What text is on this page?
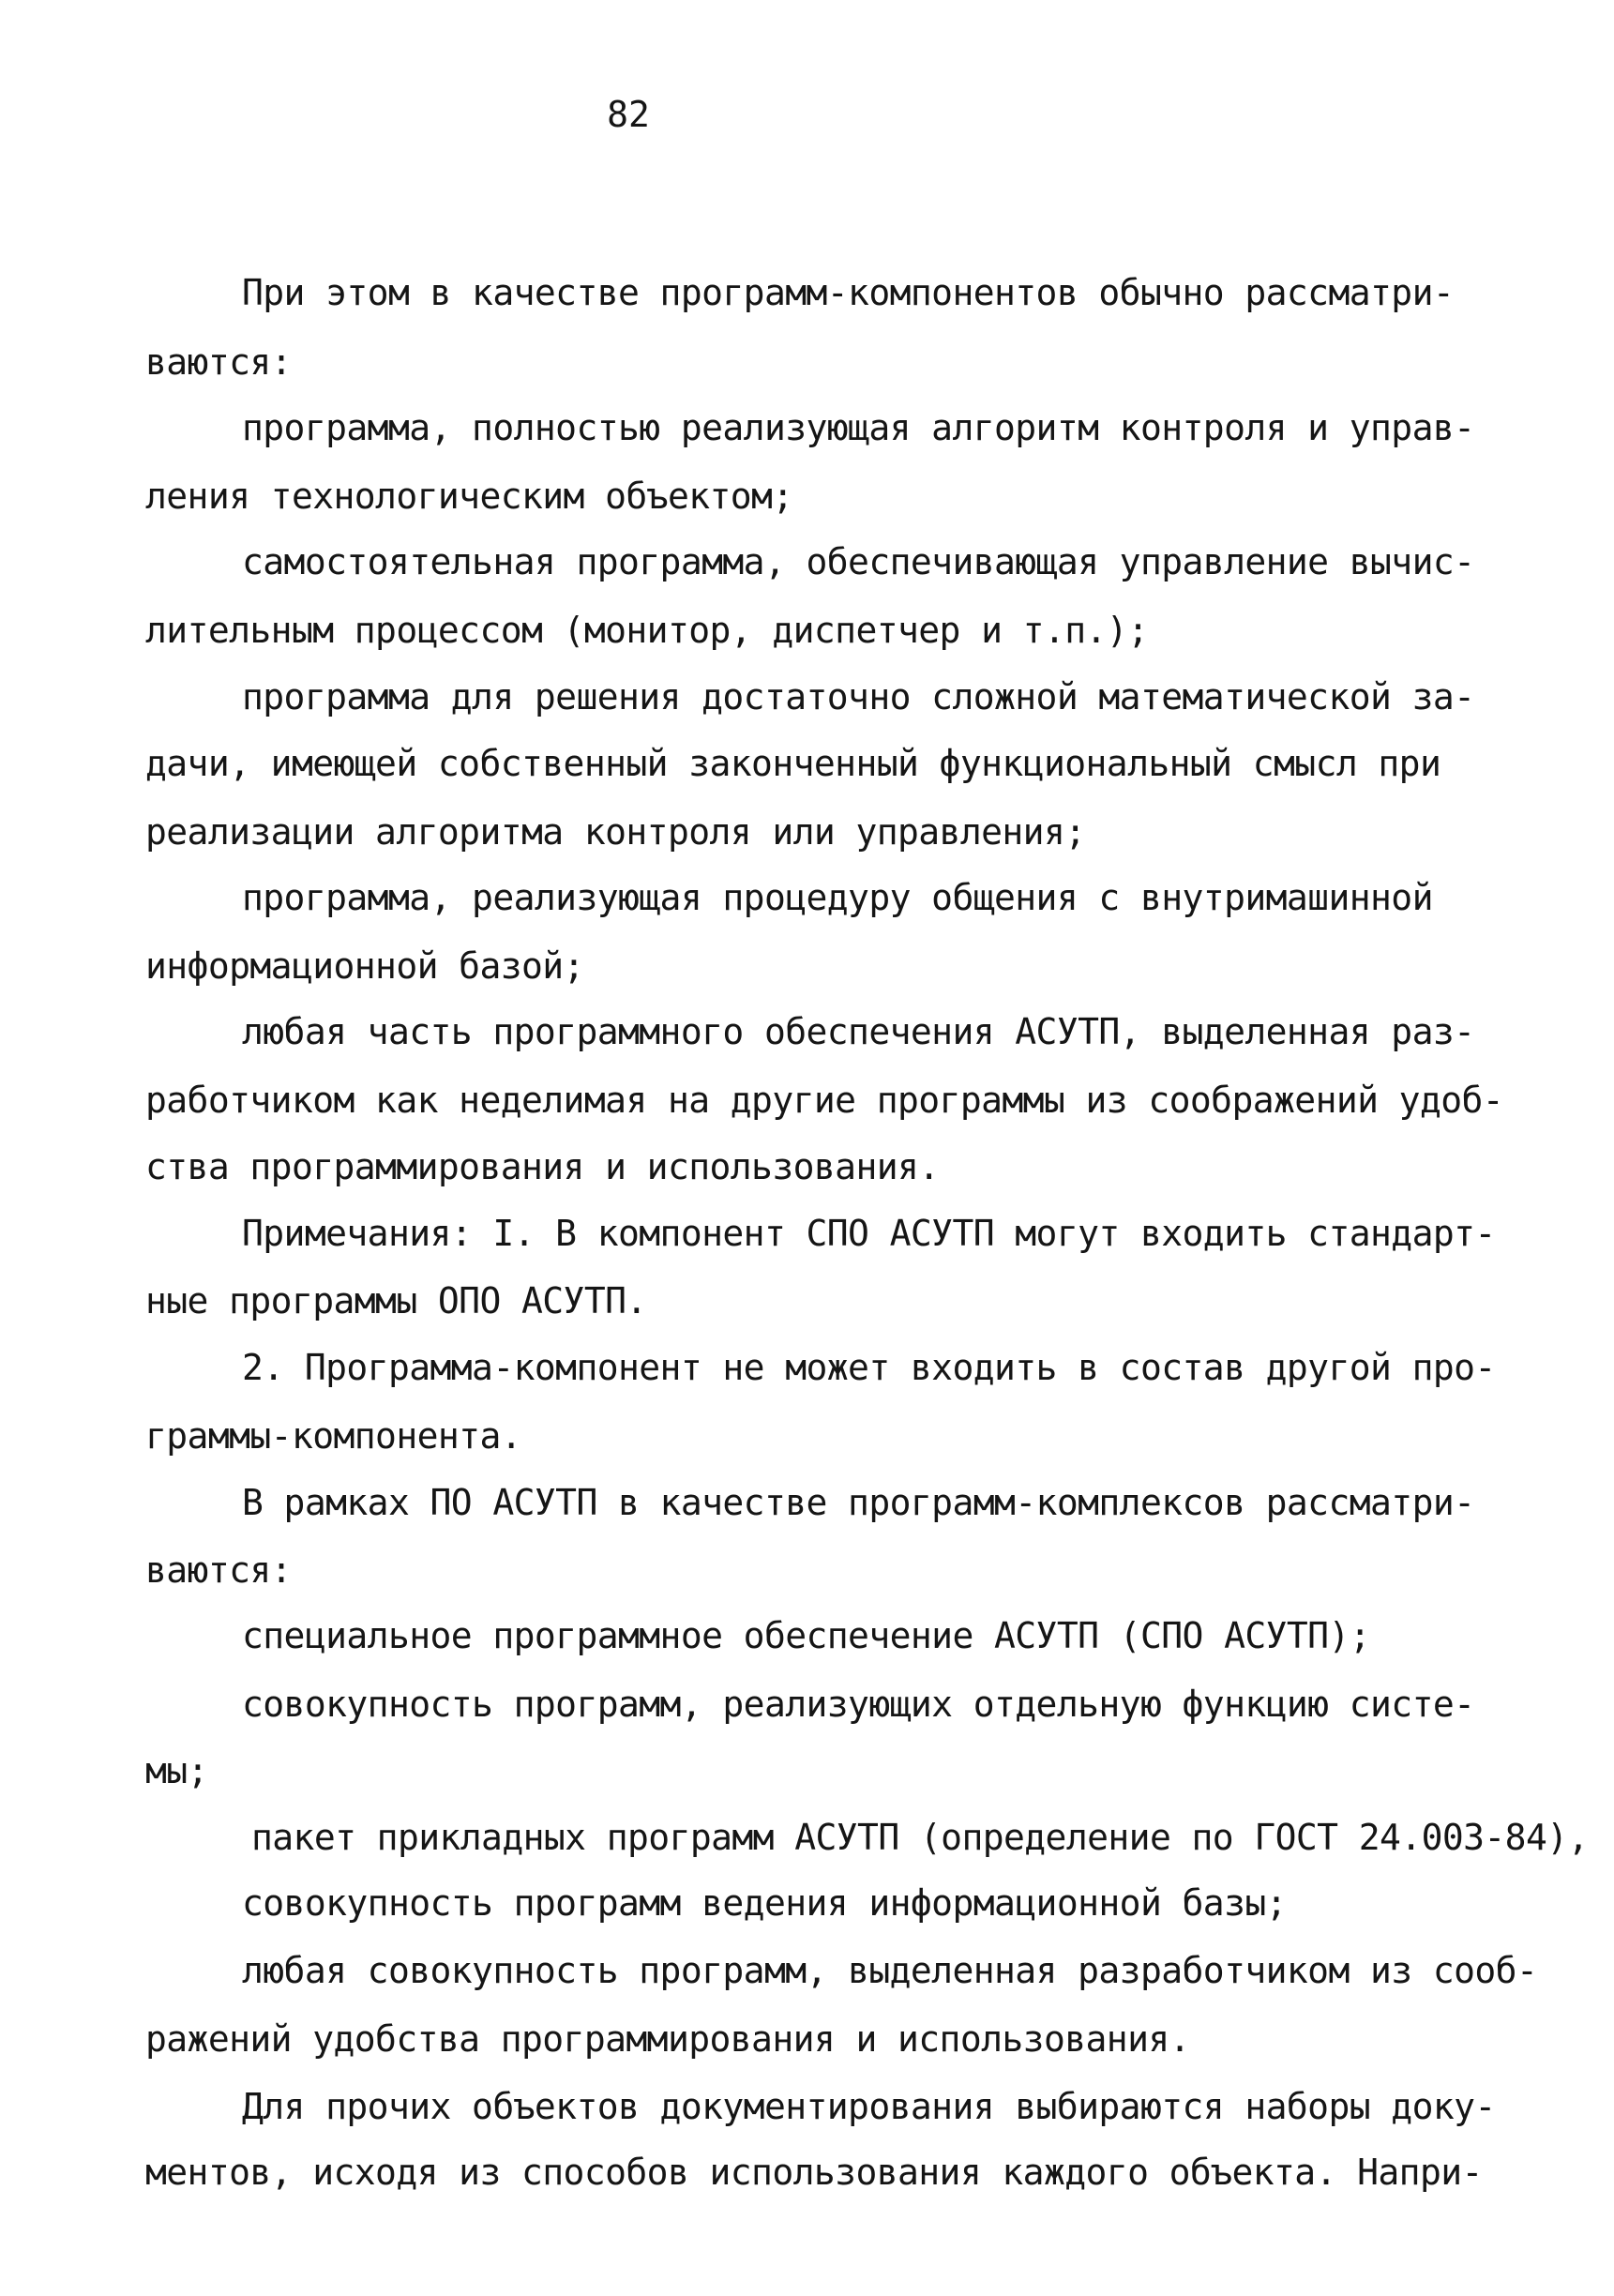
82
При этом в качестве программ-компонентов обычно рассматри-
ваются:
программа, полностью реализующая алгоритм контроля и управ-
ления технологическим объектом;
самостоятельная программа, обеспечивающая управление вычис-
лительным процессом (монитор, диспетчер и т.п.);
программа для решения достаточно сложной математической за-
дачи, имеющей собственный законченный функциональный смысл при
реализации алгоритма контроля или управления;
программа, реализующая процедуру общения с внутримашинной
информационной базой;
любая часть программного обеспечения АСУТП, выделенная раз-
работчиком как неделимая на другие программы из соображений удоб-
ства программирования и использования.
Примечания: I. В компонент СПО АСУТП могут входить стандарт-
ные программы ОПО АСУТП.
2. Программа-компонент не может входить в состав другой про-
граммы-компонента.
В рамках ПО АСУТП в качестве программ-комплексов рассматри-
ваются:
специальное программное обеспечение АСУТП (СПО АСУТП);
совокупность программ, реализующих отдельную функцию систе-
мы;
пакет прикладных программ АСУТП (определение по ГОСТ 24.003-84),
совокупность программ ведения информационной базы;
любая совокупность программ, выделенная разработчиком из сооб-
ражений удобства программирования и использования.
Для прочих объектов документирования выбираются наборы доку-
ментов, исходя из способов использования каждого объекта. Напри-
